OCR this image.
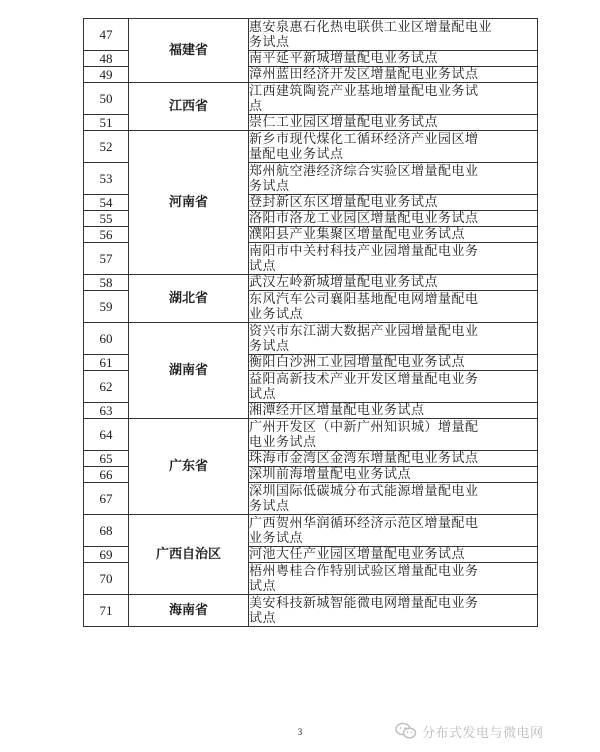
47	福建省	惠安泉惠石化热电联供工业区增量配电业
务试点
48		南平延平新城增量配电业务试点
49		漳州蓝田经济开发区增量配电业务试点
50	江西省	江西建筑陶瓷产业基地增量配电业务试
点
51		崇仁工业园区增量配电业务试点
52	河南省	新乡市现代煤化工循环经济产业园区增
量配电业务试点
53		郑州航空港经济综合实验区增量配电业
务试点
54		登封新区东区增量配电业务试点
55		洛阳市洛龙工业园区增量配电业务试点
56		濮阳县产业集聚区增量配电业务试点
57		南阳市中关村科技产业园增量配电业务
试点
58	湖北省	武汉左岭新城增量配电业务试点
59		东风汽车公司襄阳基地配电网增量配电
业务试点
60	湖南省	资兴市东江湖大数据产业园增量配电业
务试点
61		衡阳白沙洲工业园增量配电业务试点
62		益阳高新技术产业开发区增量配电业务
试点
63		湘潭经开区增量配电业务试点
64	广东省	广州开发区（中新广州知识城）增量配
电业务试点
65		珠海市金湾区金湾东增量配电业务试点
66		深圳前海增量配电业务试点
67		深圳国际低碳城分布式能源增量配电业
务试点
68	广西自治区	广西贺州华润循环经济示范区增量配电
业务试点
69		河池大任产业园区增量配电业务试点
70		梧州粤桂合作特别试验区增量配电业务
试点
71	海南省	美安科技新城智能微电网增量配电业务
试点
3	分布式发电与微电网
